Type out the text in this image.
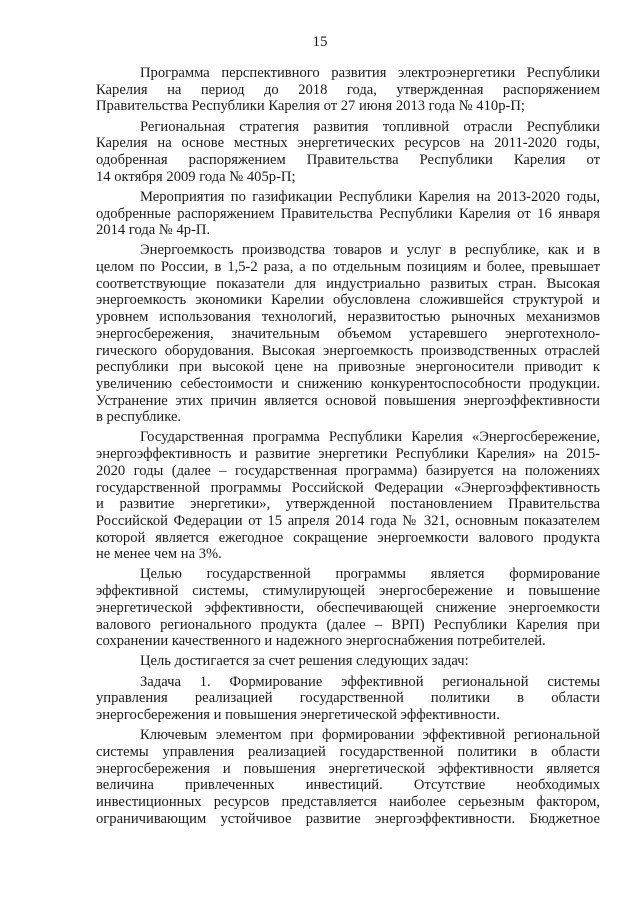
15
Программа перспективного развития электроэнергетики Республики
Карелия на период до 2018 года, утвержденная распоряжением
Правительства Республики Карелия от 27 июня 2013 года № 410р-П;
Региональная стратегия развития топливной отрасли Республики
Карелия на основе местных энергетических ресурсов на 2011-2020 годы,
одобренная распоряжением Правительства Республики Карелия от
14 октября 2009 года № 405р-П;
Мероприятия по газификации Республики Карелия на 2013-2020 годы,
одобренные распоряжением Правительства Республики Карелия от 16 января
2014 года № 4р-П.
Энергоемкость производства товаров и услуг в республике, как и в
целом по России, в 1,5-2 раза, а по отдельным позициям и более, превышает
соответствующие показатели для индустриально развитых стран. Высокая
энергоемкость экономики Карелии обусловлена сложившейся структурой и
уровнем использования технологий, неразвитостью рыночных механизмов
энергосбережения, значительным объемом устаревшего энерготехноло-
гического оборудования. Высокая энергоемкость производственных отраслей
республики при высокой цене на привозные энергоносители приводит к
увеличению себестоимости и снижению конкурентоспособности продукции.
Устранение этих причин является основой повышения энергоэффективности
в республике.
Государственная программа Республики Карелия «Энергосбережение,
энергоэффективность и развитие энергетики Республики Карелия» на 2015-
2020 годы (далее – государственная программа) базируется на положениях
государственной программы Российской Федерации «Энергоэффективность
и развитие энергетики», утвержденной постановлением Правительства
Российской Федерации от 15 апреля 2014 года № 321, основным показателем
которой является ежегодное сокращение энергоемкости валового продукта
не менее чем на 3%.
Целью государственной программы является формирование
эффективной системы, стимулирующей энергосбережение и повышение
энергетической эффективности, обеспечивающей снижение энергоемкости
валового регионального продукта (далее – ВРП) Республики Карелия при
сохранении качественного и надежного энергоснабжения потребителей.
Цель достигается за счет решения следующих задач:
Задача 1. Формирование эффективной региональной системы
управления реализацией государственной политики в области
энергосбережения и повышения энергетической эффективности.
Ключевым элементом при формировании эффективной региональной
системы управления реализацией государственной политики в области
энергосбережения и повышения энергетической эффективности является
величина привлеченных инвестиций. Отсутствие необходимых
инвестиционных ресурсов представляется наиболее серьезным фактором,
ограничивающим устойчивое развитие энергоэффективности. Бюджетное
